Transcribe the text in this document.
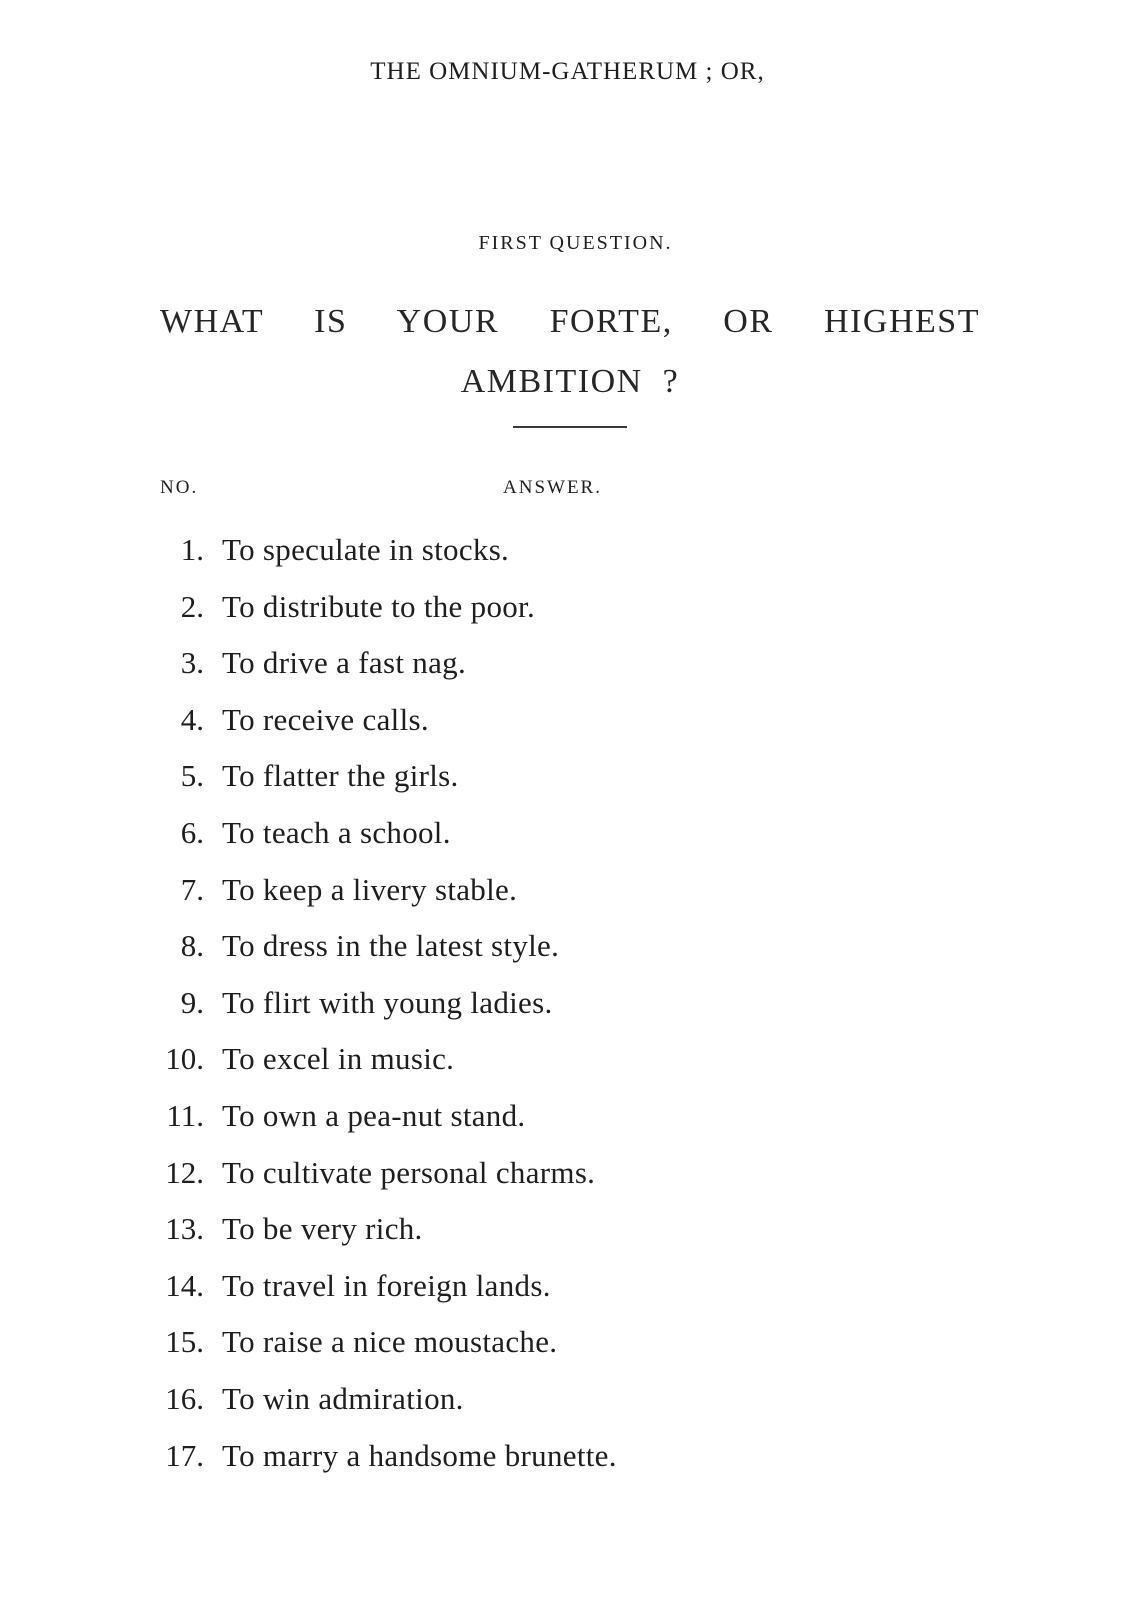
THE OMNIUM-GATHERUM ; OR,
FIRST QUESTION.
WHAT IS YOUR FORTE, OR HIGHEST AMBITION ?
NO.	ANSWER.
1. To speculate in stocks.
2. To distribute to the poor.
3. To drive a fast nag.
4. To receive calls.
5. To flatter the girls.
6. To teach a school.
7. To keep a livery stable.
8. To dress in the latest style.
9. To flirt with young ladies.
10. To excel in music.
11. To own a pea-nut stand.
12. To cultivate personal charms.
13. To be very rich.
14. To travel in foreign lands.
15. To raise a nice moustache.
16. To win admiration.
17. To marry a handsome brunette.
